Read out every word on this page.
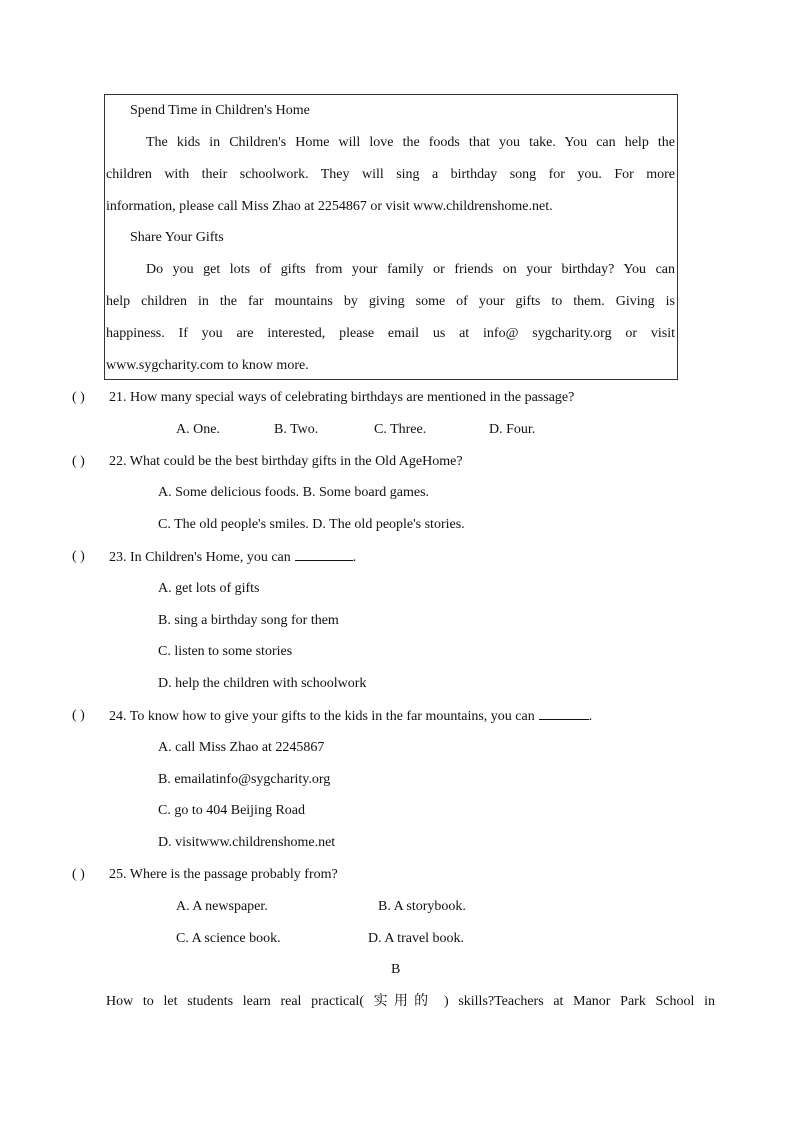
Spend Time in Children's Home
The kids in Children's Home will love the foods that you take. You can help the
children with their schoolwork. They will sing a birthday song for you. For more
information, please call Miss Zhao at 2254867 or visit www.childrenshome.net.
Share Your Gifts
Do you get lots of gifts from your family or friends on your birthday? You can
help children in the far mountains by giving some of your gifts to them. Giving is
happiness. If you are interested, please email us at info@ sygcharity.org or visit
www.sygcharity.com to know more.
( ) 21. How many special ways of celebrating birthdays are mentioned in the passage?
A. One.	B. Two.	C. Three.	D. Four.
( ) 22. What could be the best birthday gifts in the Old AgeHome?
A. Some delicious foods. B. Some board games.
C. The old people's smiles. D. The old people's stories.
( ) 23. In Children's Home, you can	.
A. get lots of gifts
B. sing a birthday song for them
C. listen to some stories
D. help the children with schoolwork
( ) 24. To know how to give your gifts to the kids in the far mountains, you can	.
A. call Miss Zhao at 2245867
B. emailatinfo@sygcharity.org
C. go to 404 Beijing Road
D. visitwww.childrenshome.net
( ) 25. Where is the passage probably from?
A. A newspaper.	B. A storybook.
C. A science book.	D. A travel book.
B
How to let students learn real practical( 实用的 ) skills?Teachers at Manor Park School in
